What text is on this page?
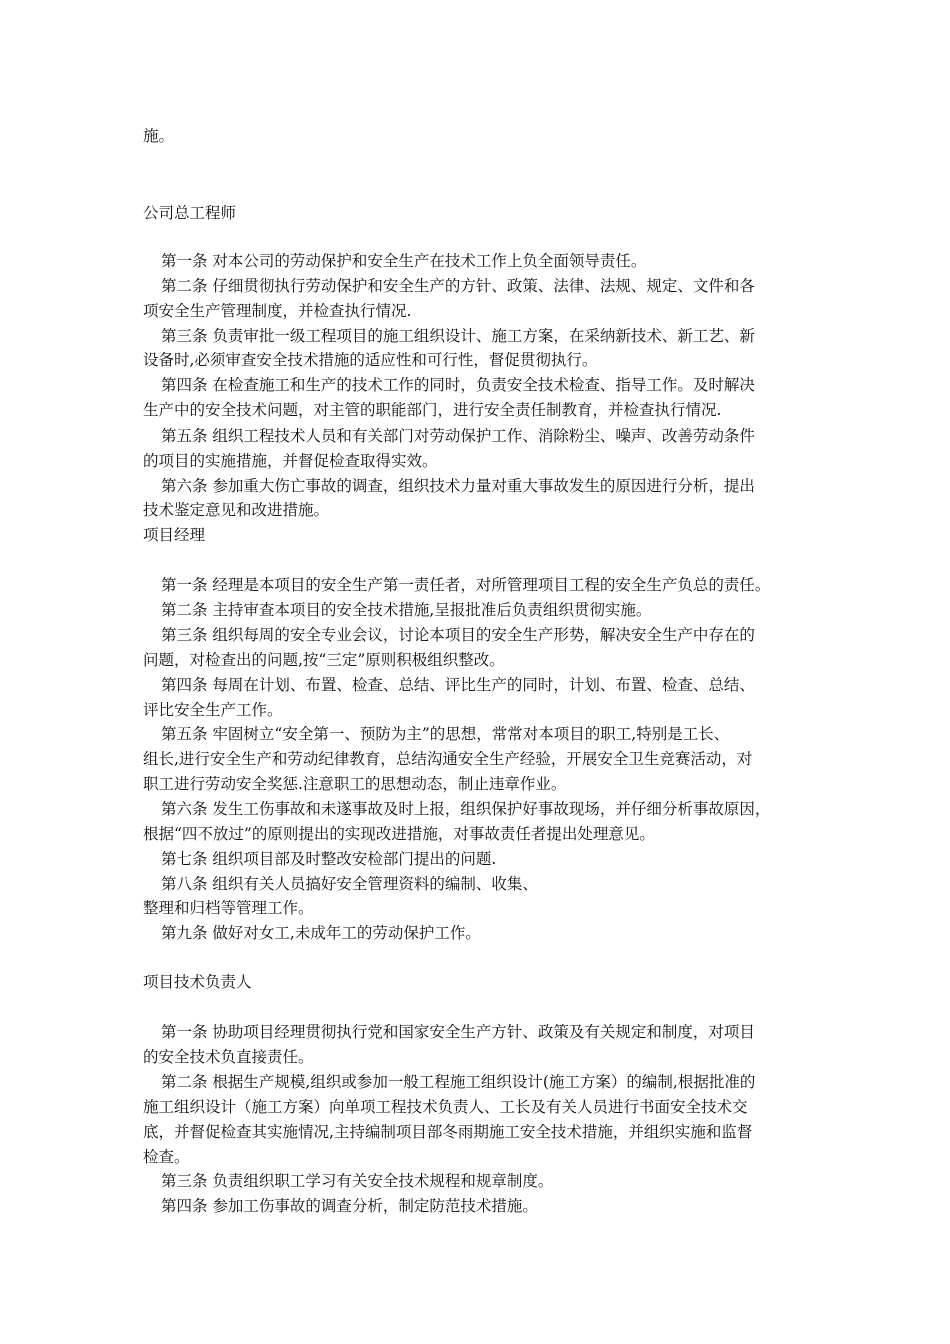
施。
公司总工程师
第一条 对本公司的劳动保护和安全生产在技术工作上负全面领导责任。
第二条 仔细贯彻执行劳动保护和安全生产的方针、政策、法律、法规、规定、文件和各
项安全生产管理制度，并检查执行情况.
第三条 负责审批一级工程项目的施工组织设计、施工方案，在采纳新技术、新工艺、新
设备时,必须审查安全技术措施的适应性和可行性，督促贯彻执行。
第四条 在检查施工和生产的技术工作的同时，负责安全技术检查、指导工作。及时解决
生产中的安全技术问题，对主管的职能部门，进行安全责任制教育，并检查执行情况.
第五条 组织工程技术人员和有关部门对劳动保护工作、消除粉尘、噪声、改善劳动条件
的项目的实施措施，并督促检查取得实效。
第六条 参加重大伤亡事故的调查，组织技术力量对重大事故发生的原因进行分析，提出
技术鉴定意见和改进措施。
项目经理
第一条 经理是本项目的安全生产第一责任者，对所管理项目工程的安全生产负总的责任。
第二条 主持审查本项目的安全技术措施,呈报批准后负责组织贯彻实施。
第三条 组织每周的安全专业会议，讨论本项目的安全生产形势，解决安全生产中存在的
问题，对检查出的问题,按“三定”原则积极组织整改。
第四条 每周在计划、布置、检查、总结、评比生产的同时，计划、布置、检查、总结、
评比安全生产工作。
第五条 牢固树立“安全第一、预防为主”的思想，常常对本项目的职工,特别是工长、
组长,进行安全生产和劳动纪律教育，总结沟通安全生产经验，开展安全卫生竞赛活动，对
职工进行劳动安全奖惩.注意职工的思想动态，制止违章作业。
第六条 发生工伤事故和未遂事故及时上报，组织保护好事故现场，并仔细分析事故原因，
根据“四不放过”的原则提出的实现改进措施，对事故责任者提出处理意见。
第七条 组织项目部及时整改安检部门提出的问题.
第八条 组织有关人员搞好安全管理资料的编制、收集、
整理和归档等管理工作。
第九条 做好对女工,未成年工的劳动保护工作。
项目技术负责人
第一条 协助项目经理贯彻执行党和国家安全生产方针、政策及有关规定和制度，对项目
的安全技术负直接责任。
第二条 根据生产规模,组织或参加一般工程施工组织设计(施工方案）的编制,根据批准的
施工组织设计（施工方案）向单项工程技术负责人、工长及有关人员进行书面安全技术交
底，并督促检查其实施情况,主持编制项目部冬雨期施工安全技术措施，并组织实施和监督
检查。
第三条 负责组织职工学习有关安全技术规程和规章制度。
第四条 参加工伤事故的调查分析，制定防范技术措施。
